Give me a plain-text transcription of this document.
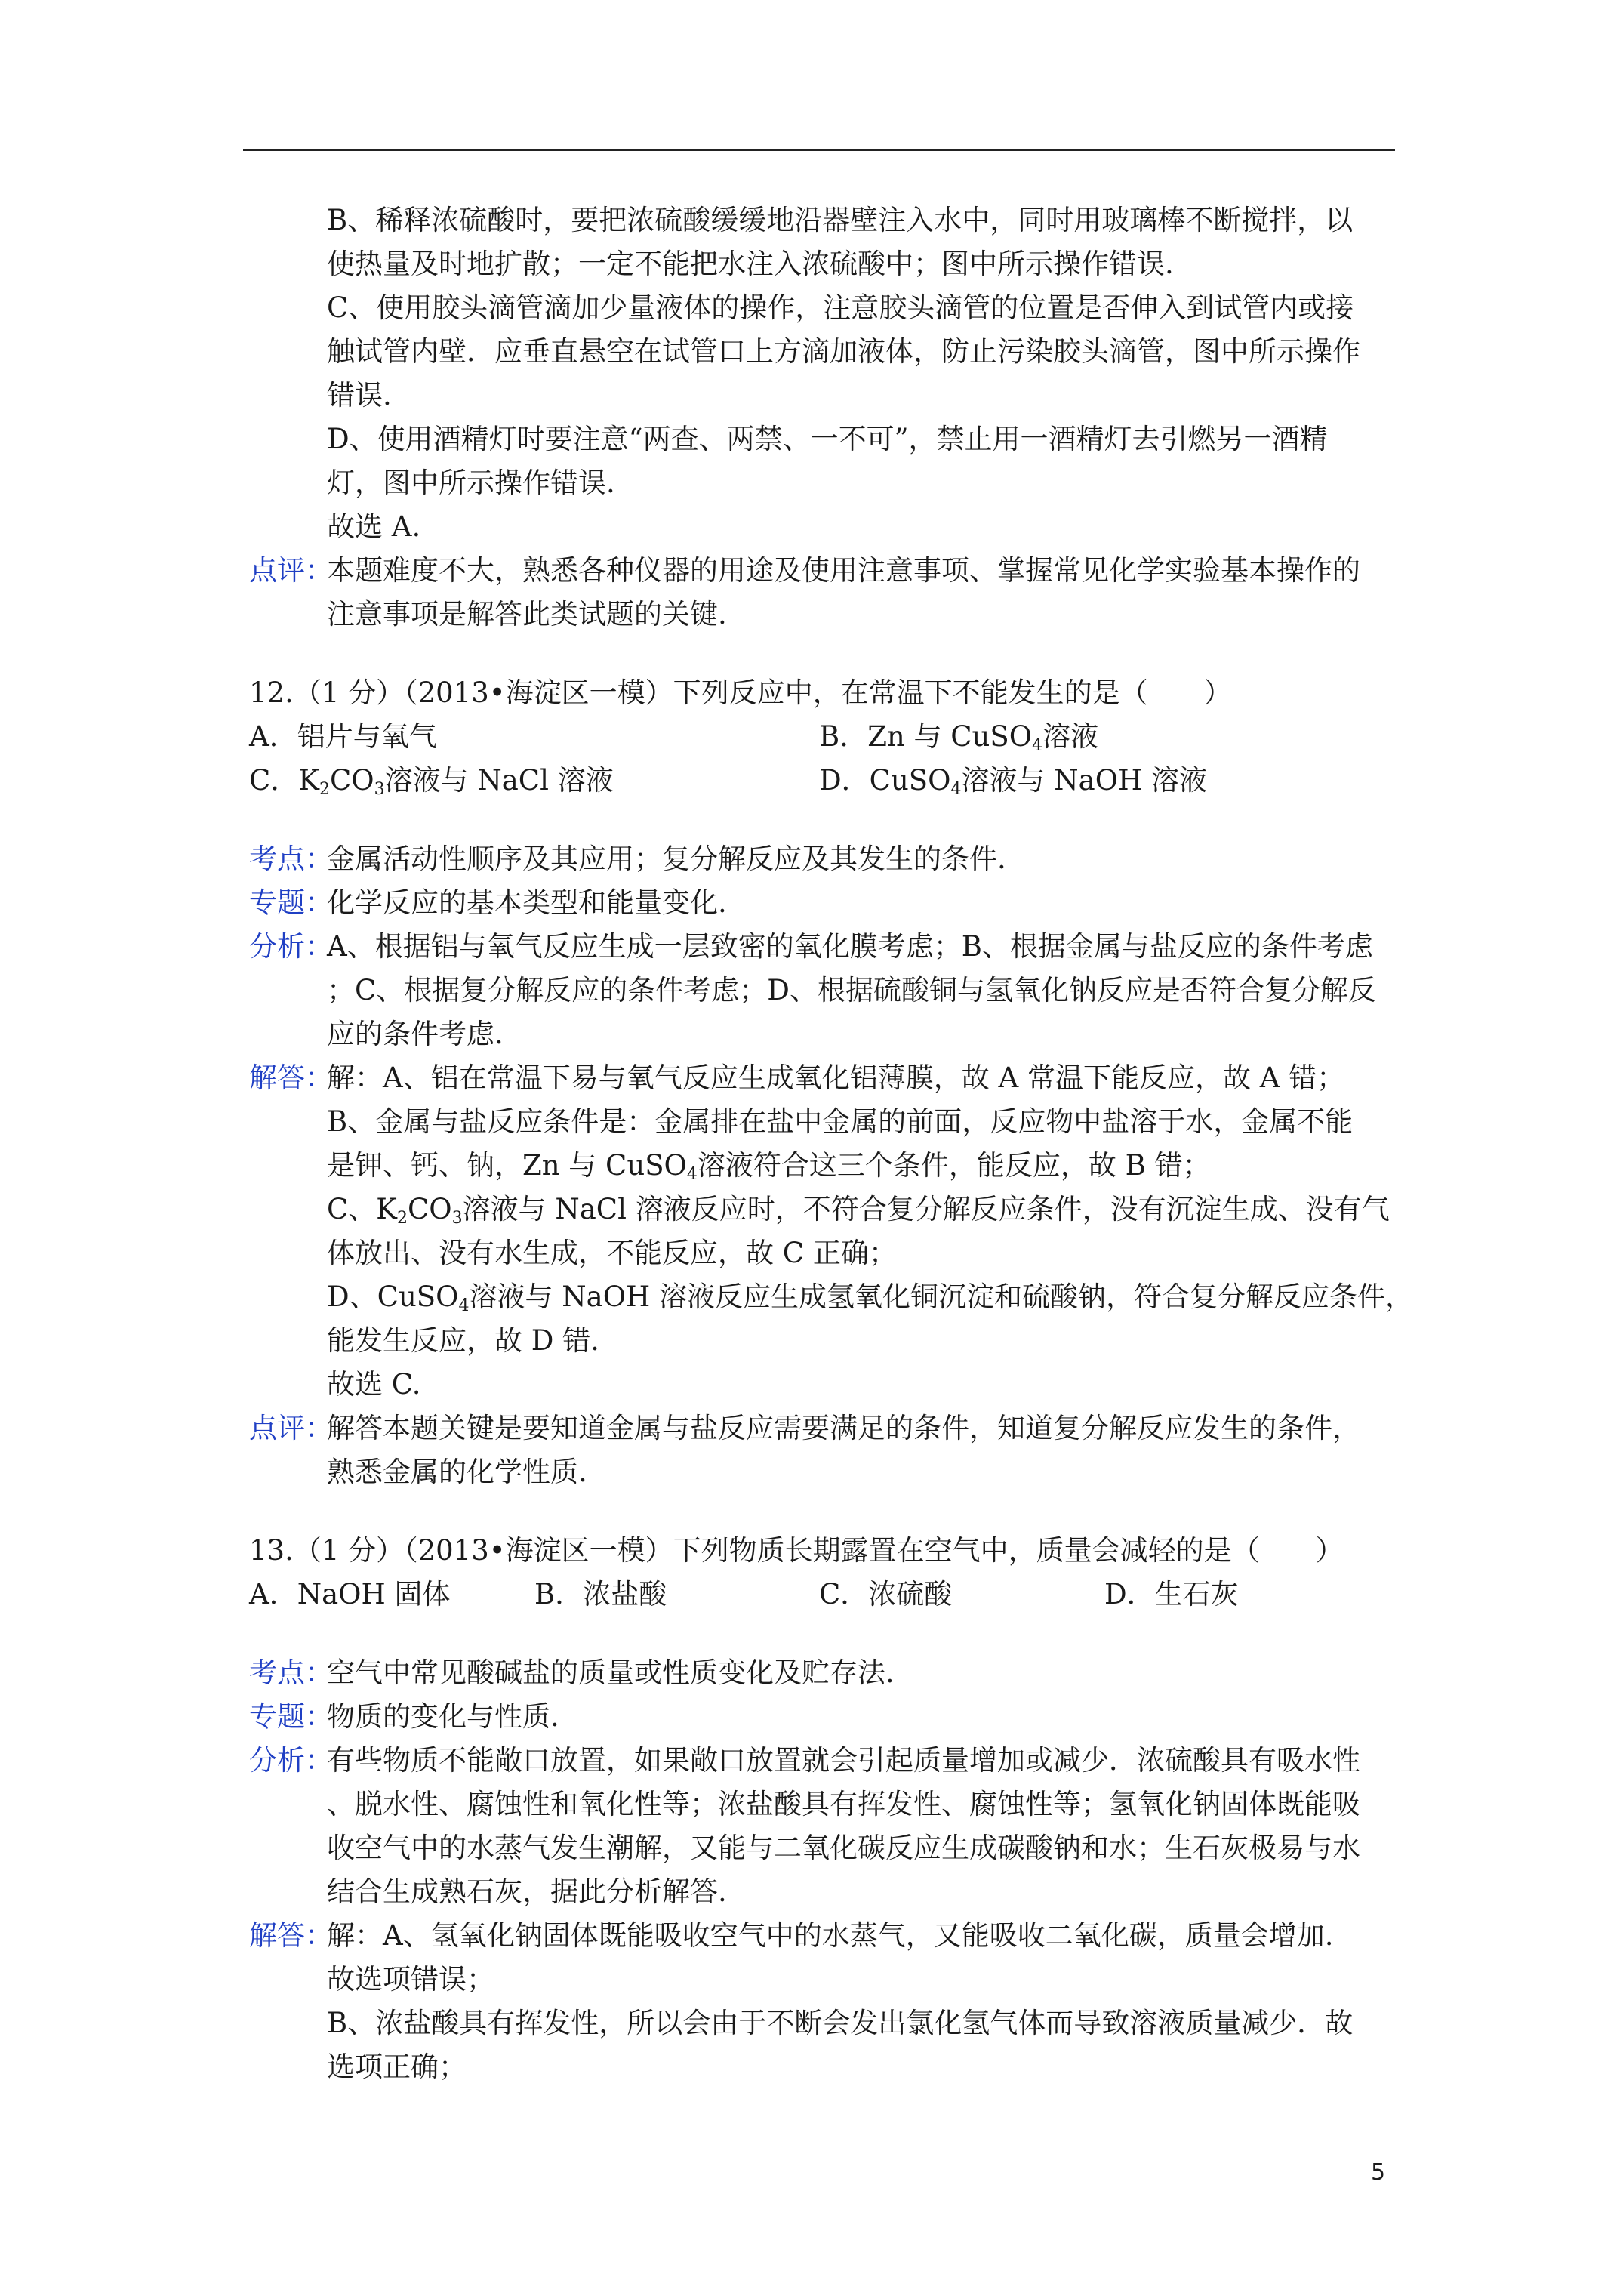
B、稀释浓硫酸时，要把浓硫酸缓缓地沿器壁注入水中，同时用玻璃棒不断搅拌，以
使热量及时地扩散；一定不能把水注入浓硫酸中；图中所示操作错误.
C、使用胶头滴管滴加少量液体的操作，注意胶头滴管的位置是否伸入到试管内或接
触试管内壁．应垂直悬空在试管口上方滴加液体，防止污染胶头滴管，图中所示操作
错误.
D、使用酒精灯时要注意“两查、两禁、一不可”，禁止用一酒精灯去引燃另一酒精
灯，图中所示操作错误.
故选 A.
点评：
本题难度不大，熟悉各种仪器的用途及使用注意事项、掌握常见化学实验基本操作的
注意事项是解答此类试题的关键.
12.（1 分）（2013•海淀区一模）下列反应中，在常温下不能发生的是（　　）
A．铝片与氧气	B．Zn 与 CuSO$_4$溶液
C．$K_2CO_3$溶液与 NaCl 溶液	D．CuSO$_4$溶液与 NaOH 溶液
考点：
金属活动性顺序及其应用；复分解反应及其发生的条件.
专题：
化学反应的基本类型和能量变化.
分析：
A、根据铝与氧气反应生成一层致密的氧化膜考虑；B、根据金属与盐反应的条件考虑
；C、根据复分解反应的条件考虑；D、根据硫酸铜与氢氧化钠反应是否符合复分解反
应的条件考虑.
解答：
解：A、铝在常温下易与氧气反应生成氧化铝薄膜，故 A 常温下能反应，故 A 错；
B、金属与盐反应条件是：金属排在盐中金属的前面，反应物中盐溶于水，金属不能
是钾、钙、钠，Zn 与 CuSO$_4$溶液符合这三个条件，能反应，故 B 错；
C、$K_2CO_3$溶液与 NaCl 溶液反应时，不符合复分解反应条件，没有沉淀生成、没有气
体放出、没有水生成，不能反应，故 C 正确；
D、CuSO$_4$溶液与 NaOH 溶液反应生成氢氧化铜沉淀和硫酸钠，符合复分解反应条件，
能发生反应，故 D 错.
故选 C.
点评：
解答本题关键是要知道金属与盐反应需要满足的条件，知道复分解反应发生的条件，
熟悉金属的化学性质.
13.（1 分）（2013•海淀区一模）下列物质长期露置在空气中，质量会减轻的是（　　）
A．NaOH 固体	B．浓盐酸	C．浓硫酸	D．生石灰
考点：
空气中常见酸碱盐的质量或性质变化及贮存法.
专题：
物质的变化与性质.
分析：
有些物质不能敞口放置，如果敞口放置就会引起质量增加或减少．浓硫酸具有吸水性
、脱水性、腐蚀性和氧化性等；浓盐酸具有挥发性、腐蚀性等；氢氧化钠固体既能吸
收空气中的水蒸气发生潮解，又能与二氧化碳反应生成碳酸钠和水；生石灰极易与水
结合生成熟石灰，据此分析解答.
解答：
解：A、氢氧化钠固体既能吸收空气中的水蒸气，又能吸收二氧化碳，质量会增加.
故选项错误；
B、浓盐酸具有挥发性，所以会由于不断会发出氯化氢气体而导致溶液质量减少．故
选项正确；
5
